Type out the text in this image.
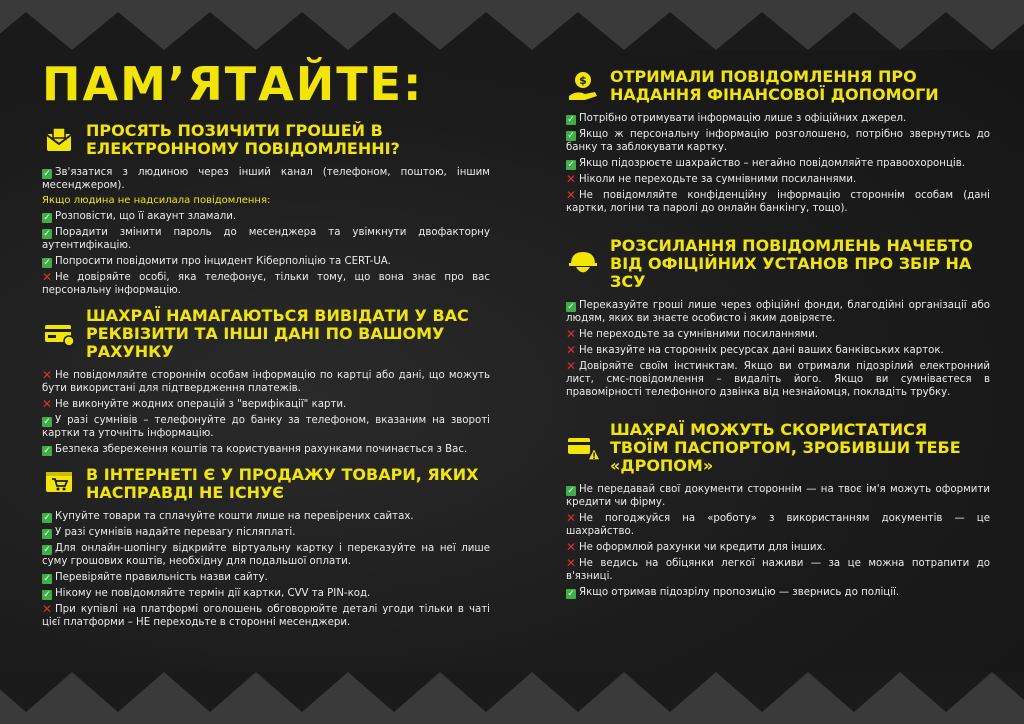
ПАМ’ЯТАЙТЕ:
ПРОСЯТЬ ПОЗИЧИТИ ГРОШЕЙ В ЕЛЕКТРОННОМУ ПОВІДОМЛЕННІ?
✓ Зв'язатися з людиною через інший канал (телефоном, поштою, іншим месенджером).
Якщо людина не надсилала повідомлення:
✓ Розповісти, що її акаунт зламали.
✓ Порадити змінити пароль до месенджера та увімкнути двофакторну аутентифікацію.
✓ Попросити повідомити про інцидент Кіберполіцію та CERT-UA.
✕ Не довіряйте особі, яка телефонує, тільки тому, що вона знає про вас персональну інформацію.
ШАХРАЇ НАМАГАЮТЬСЯ ВИВІДАТИ У ВАС РЕКВІЗИТИ ТА ІНШІ ДАНІ ПО ВАШОМУ РАХУНКУ
✕ Не повідомляйте стороннім особам інформацію по картці або дані, що можуть бути використані для підтвердження платежів.
✕ Не виконуйте жодних операцій з "верифікації" карти.
✓ У разі сумнівів – телефонуйте до банку за телефоном, вказаним на звороті картки та уточніть інформацію.
✓ Безпека збереження коштів та користування рахунками починається з Вас.
В ІНТЕРНЕТІ Є У ПРОДАЖУ ТОВАРИ, ЯКИХ НАСПРАВДІ НЕ ІСНУЄ
✓ Купуйте товари та сплачуйте кошти лише на перевірених сайтах.
✓ У разі сумнівів надайте перевагу післяплаті.
✓ Для онлайн-шопінгу відкрийте віртуальну картку і переказуйте на неї лише суму грошових коштів, необхідну для подальшої оплати.
✓ Перевіряйте правильність назви сайту.
✓ Нікому не повідомляйте термін дії картки, CVV та PIN-код.
✕ При купівлі на платформі оголошень обговорюйте деталі угоди тільки в чаті цієї платформи – НЕ переходьте в сторонні месенджери.
$ ОТРИМАЛИ ПОВІДОМЛЕННЯ ПРО НАДАННЯ ФІНАНСОВОЇ ДОПОМОГИ
✓ Потрібно отримувати інформацію лише з офіційних джерел.
✓ Якщо ж персональну інформацію розголошено, потрібно звернутись до банку та заблокувати картку.
✓ Якщо підозрюєте шахрайство – негайно повідомляйте правоохоронців.
✕ Ніколи не переходьте за сумнівними посиланнями.
✕ Не повідомляйте конфіденційну інформацію стороннім особам (дані картки, логіни та паролі до онлайн банкінгу, тощо).
РОЗСИЛАННЯ ПОВІДОМЛЕНЬ НАЧЕБТО ВІД ОФІЦІЙНИХ УСТАНОВ ПРО ЗБІР НА ЗСУ
✓ Переказуйте гроші лише через офіційні фонди, благодійні організації або людям, яких ви знаєте особисто і яким довіряєте.
✕ Не переходьте за сумнівними посиланнями.
✕ Не вказуйте на сторонніх ресурсах дані ваших банківських карток.
✕ Довіряйте своїм інстинктам. Якщо ви отримали підозрілий електронний лист, смс-повідомлення – видаліть його. Якщо ви сумніваєтеся в правомірності телефонного дзвінка від незнайомця, покладіть трубку.
!
ШАХРАЇ МОЖУТЬ СКОРИСТАТИСЯ ТВОЇМ ПАСПОРТОМ, ЗРОБИВШИ ТЕБЕ «ДРОПОМ»
✓ Не передавай свої документи стороннім — на твоє ім'я можуть оформити кредити чи фірму.
✕ Не погоджуйся на «роботу» з використанням документів — це шахрайство.
✕ Не оформлюй рахунки чи кредити для інших.
✕ Не ведись на обіцянки легкої наживи — за це можна потрапити до в'язниці.
✓ Якщо отримав підозрілу пропозицію — звернись до поліції.
